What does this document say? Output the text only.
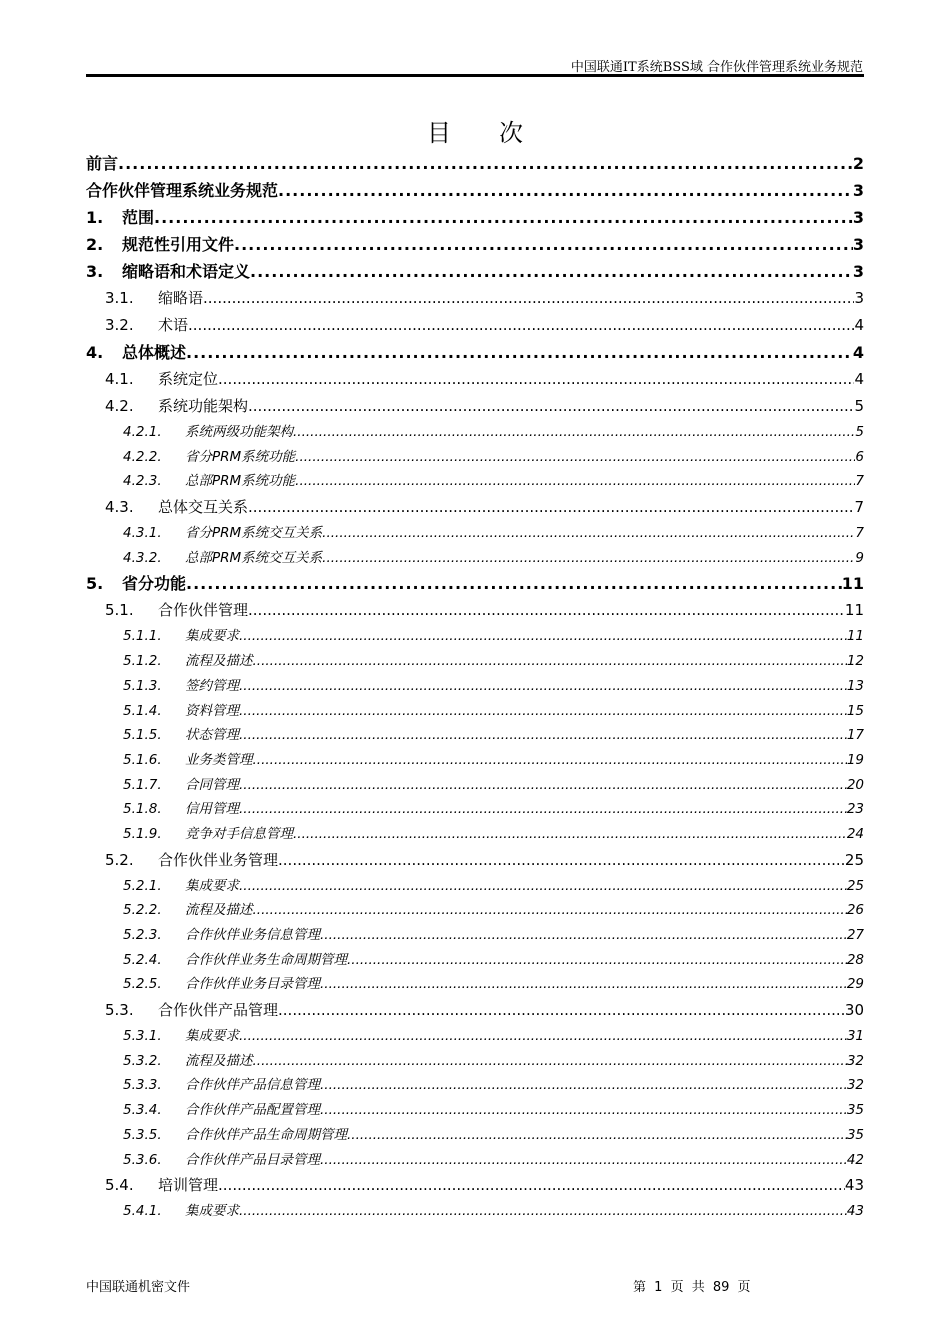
中国联通IT系统BSS域 合作伙伴管理系统业务规范
目次
前言 .....	2
合作伙伴管理系统业务规范 .....	3
1.	范围 .....	3
2.	规范性引用文件 .....	3
3.	缩略语和术语定义 .....	3
3.1.	缩略语 .....	3
3.2.	术语 .....	4
4.	总体概述 .....	4
4.1.	系统定位 .....	4
4.2.	系统功能架构 .....	5
4.2.1.	系统两级功能架构 .....	5
4.2.2.	省分PRM系统功能 .....	6
4.2.3.	总部PRM系统功能 .....	7
4.3.	总体交互关系 .....	7
4.3.1.	省分PRM系统交互关系 .....	7
4.3.2.	总部PRM系统交互关系 .....	9
5.	省分功能 .....	11
5.1.	合作伙伴管理 .....	11
5.1.1.	集成要求 .....	11
5.1.2.	流程及描述 .....	12
5.1.3.	签约管理 .....	13
5.1.4.	资料管理 .....	15
5.1.5.	状态管理 .....	17
5.1.6.	业务类管理 .....	19
5.1.7.	合同管理 .....	20
5.1.8.	信用管理 .....	23
5.1.9.	竞争对手信息管理 .....	24
5.2.	合作伙伴业务管理 .....	25
5.2.1.	集成要求 .....	25
5.2.2.	流程及描述 .....	26
5.2.3.	合作伙伴业务信息管理 .....	27
5.2.4.	合作伙伴业务生命周期管理 .....	28
5.2.5.	合作伙伴业务目录管理 .....	29
5.3.	合作伙伴产品管理 .....	30
5.3.1.	集成要求 .....	31
5.3.2.	流程及描述 .....	32
5.3.3.	合作伙伴产品信息管理 .....	32
5.3.4.	合作伙伴产品配置管理 .....	35
5.3.5.	合作伙伴产品生命周期管理 .....	35
5.3.6.	合作伙伴产品目录管理 .....	42
5.4.	培训管理 .....	43
5.4.1.	集成要求 .....	43
中国联通机密文件	第 1 页 共 89 页
